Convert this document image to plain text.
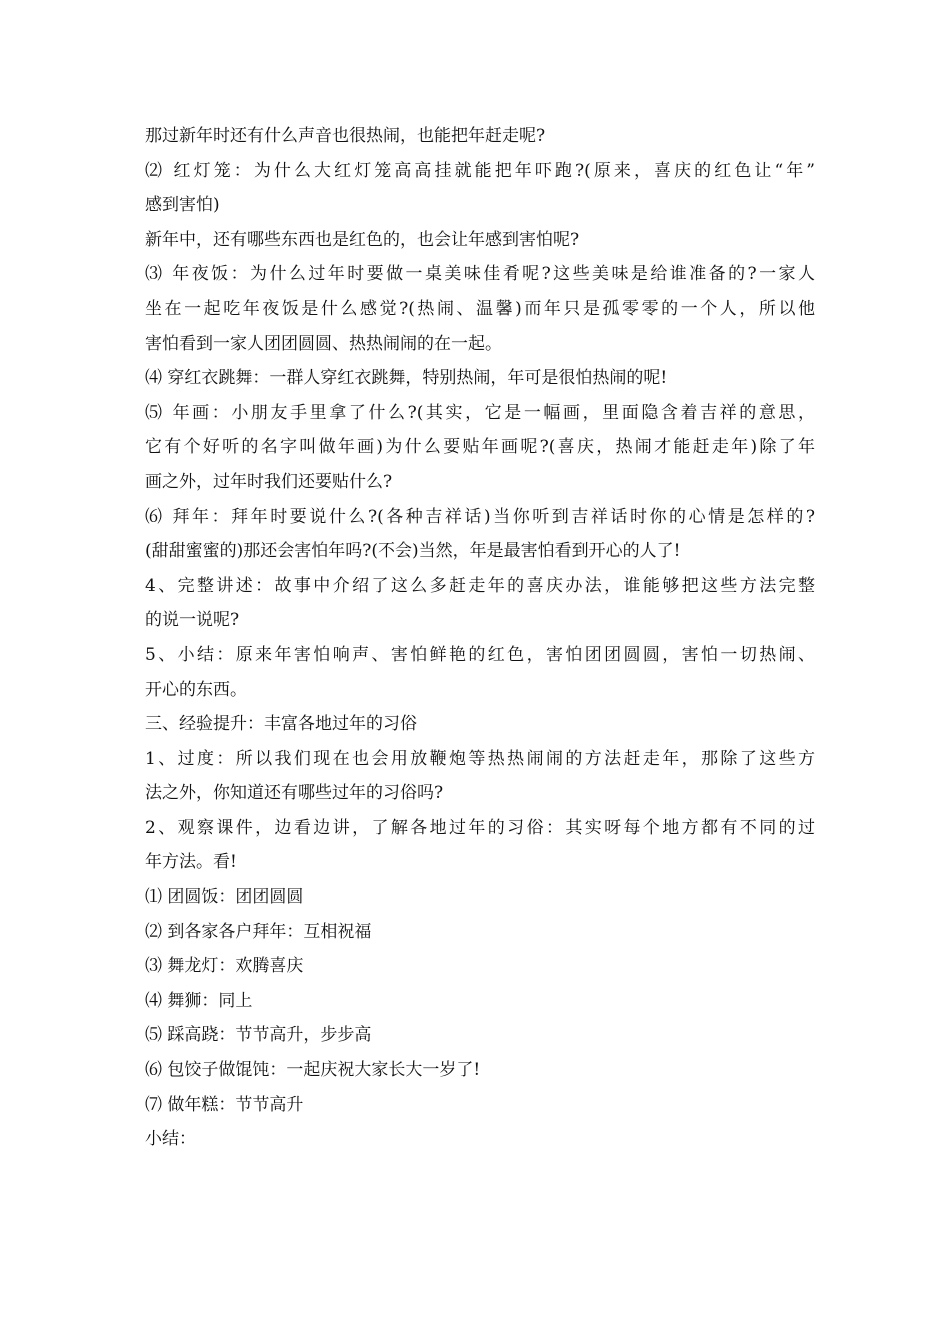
那过新年时还有什么声音也很热闹，也能把年赶走呢?
⑵ 红灯笼：为什么大红灯笼高高挂就能把年吓跑?(原来，喜庆的红色让“年”
感到害怕)
新年中，还有哪些东西也是红色的，也会让年感到害怕呢?
⑶ 年夜饭：为什么过年时要做一桌美味佳肴呢?这些美味是给谁准备的?一家人
坐在一起吃年夜饭是什么感觉?(热闹、温馨)而年只是孤零零的一个人，所以他
害怕看到一家人团团圆圆、热热闹闹的在一起。
⑷ 穿红衣跳舞：一群人穿红衣跳舞，特别热闹，年可是很怕热闹的呢!
⑸ 年画：小朋友手里拿了什么?(其实，它是一幅画，里面隐含着吉祥的意思，
它有个好听的名字叫做年画)为什么要贴年画呢?(喜庆，热闹才能赶走年)除了年
画之外，过年时我们还要贴什么?
⑹ 拜年：拜年时要说什么?(各种吉祥话)当你听到吉祥话时你的心情是怎样的?
(甜甜蜜蜜的)那还会害怕年吗?(不会)当然，年是最害怕看到开心的人了!
4、完整讲述：故事中介绍了这么多赶走年的喜庆办法，谁能够把这些方法完整
的说一说呢?
5、小结：原来年害怕响声、害怕鲜艳的红色，害怕团团圆圆，害怕一切热闹、
开心的东西。
三、经验提升：丰富各地过年的习俗
1、过度：所以我们现在也会用放鞭炮等热热闹闹的方法赶走年，那除了这些方
法之外，你知道还有哪些过年的习俗吗?
2、观察课件，边看边讲，了解各地过年的习俗：其实呀每个地方都有不同的过
年方法。看!
⑴ 团圆饭：团团圆圆
⑵ 到各家各户拜年：互相祝福
⑶ 舞龙灯：欢腾喜庆
⑷ 舞狮：同上
⑸ 踩高跷：节节高升，步步高
⑹ 包饺子做馄饨：一起庆祝大家长大一岁了!
⑺ 做年糕：节节高升
小结：
